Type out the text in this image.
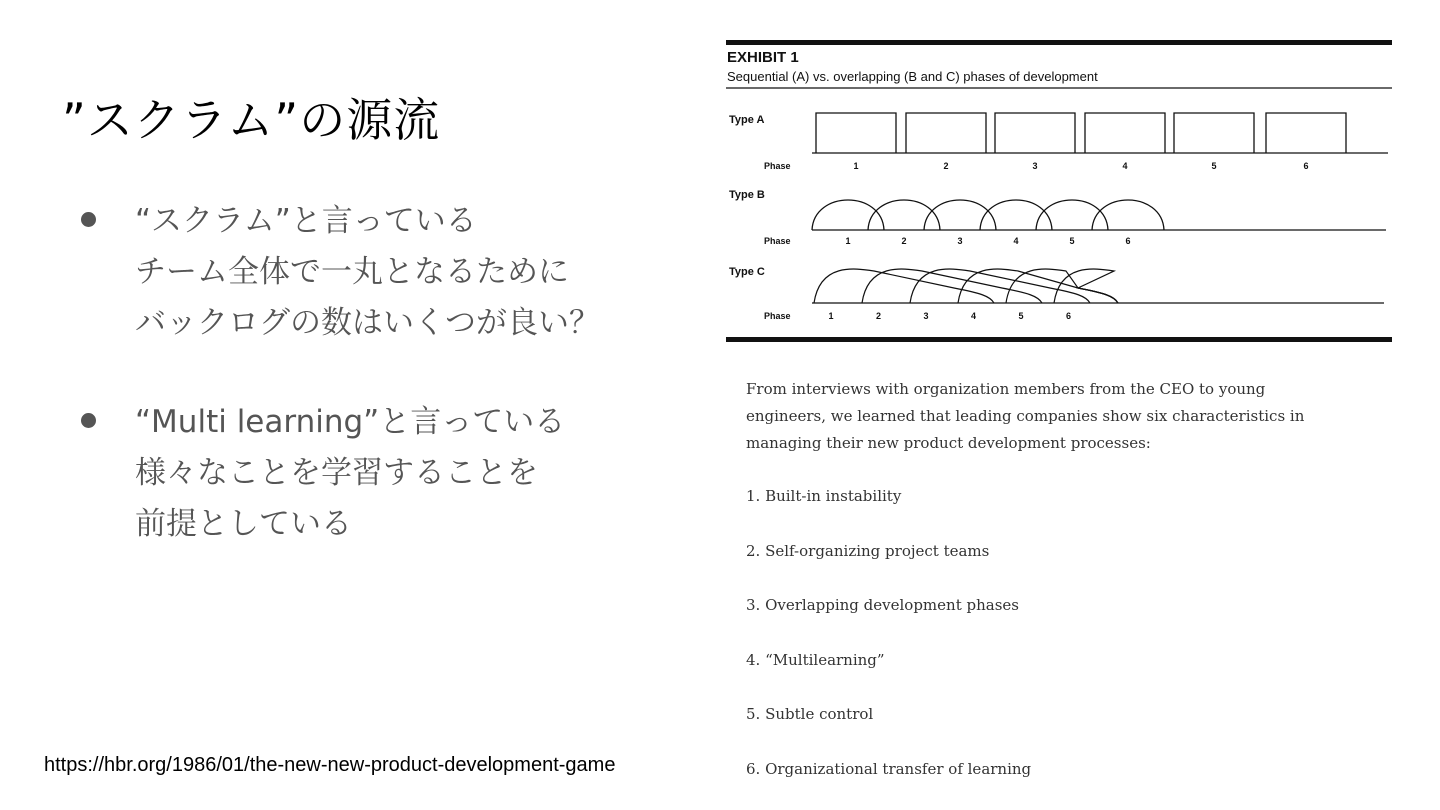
”スクラム”の源流
“スクラム”と言っている
チーム全体で一丸となるために
バックログの数はいくつが良い？
“Multi learning”と言っている
様々なことを学習することを
前提としている
https://hbr.org/1986/01/the-new-new-product-development-game
EXHIBIT 1
Sequential (A) vs. overlapping (B and C) phases of development
Type A
1	2	3	4	5	6
Phase
Type B
1	2	3	4	5	6
Phase
Type C
1	2	3	4	5	6
Phase

From interviews with organization members from the CEO to young engineers, we learned that leading companies show six characteristics in managing their new product development processes:

1. Built-in instability
2. Self-organizing project teams
3. Overlapping development phases
4. “Multilearning”
5. Subtle control
6. Organizational transfer of learning
